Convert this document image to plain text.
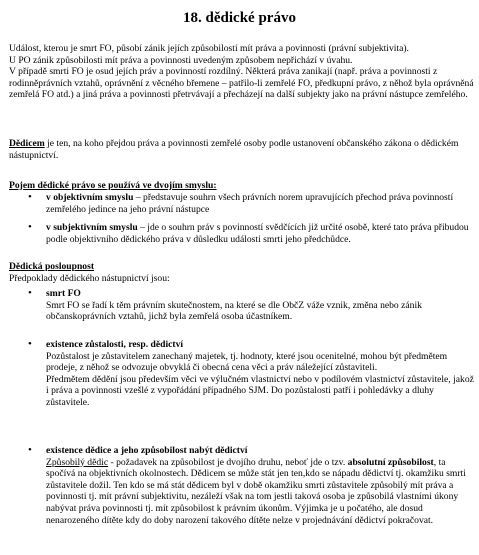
18. dědické právo

Událost, kterou je smrt FO, působí zánik jejích způsobilostí mít práva a povinnosti (právní subjektivita).

U PO zánik způsobilosti mít práva a povinnosti uvedeným způsobem nepřichází v úvahu.

V případě smrti FO je osud jejích práv a povinností rozdílný. Některá práva zanikají (např. práva a povinnosti z rodinněprávních vztahů, oprávnění z věcného břemene – patřilo-li zemřelé FO, předkupní právo, z něhož byla oprávněná zemřelá FO atd.) a jiná práva a povinnosti přetrvávají a přecházejí na další subjekty jako na právní nástupce zemřelého.

Dědicem je ten, na koho přejdou práva a povinnosti zemřelé osoby podle ustanovení občanského zákona o dědickém nástupnictví.
Pojem dědické právo se používá ve dvojím smyslu:
• v objektivním smyslu – představuje souhrn všech právních norem upravujících přechod práva povinností zemřelého jedince na jeho právní nástupce
• v subjektivním smyslu – jde o souhrn práv s povinností svědčících již určité osobě, které tato práva přibudou podle objektivního dědického práva v důsledku události smrti jeho předchůdce.

Dědická posloupnost

Předpoklady dědického nástupnictví jsou:

• smrt FO

Smrt FO se řadí k těm právním skutečnostem, na které se dle ObčZ váže vznik, změna nebo zánik občanskoprávních vztahů, jichž byla zemřelá osoba účastníkem.

• existence zůstalosti, resp. dědictví

Pozůstalost je zůstavitelem zanechaný majetek, tj. hodnoty, které jsou ocenitelné, mohou být předmětem prodeje, z něhož se odvozuje obvyklá či obecná cena věci a práv náležející zůstaviteli.

Předmětem dědění jsou především věci ve výlučném vlastnictví nebo v podílovém vlastnictví zůstavitele, jakož i práva a povinnosti vzešlé z vypořádání případného SJM. Do pozůstalosti patří i pohledávky a dluhy zůstavitele.

• existence dědice a jeho způsobilost nabýt dědictví

Způsobilý dědic - požadavek na způsobilost je dvojího druhu, neboť jde o tzv. absolutní způsobilost, ta spočívá na objektivních okolnostech. Dědicem se může stát jen ten,kdo se nápadu dědictví tj. okamžiku smrti zůstavitele dožil. Ten kdo se má stát dědicem byl v době okamžiku smrti zůstavitele způsobilý mít práva a povinnosti tj. mít právní subjektivitu, nezáleží však na tom jestli taková osoba je způsobilá vlastními úkony nabývat práva povinnosti tj. mít způsobilost k právním úkonům. Výjimka je u počatého, ale dosud nenarozeného dítěte kdy do doby narození takového dítěte nelze v projednávání dědictví pokračovat.
